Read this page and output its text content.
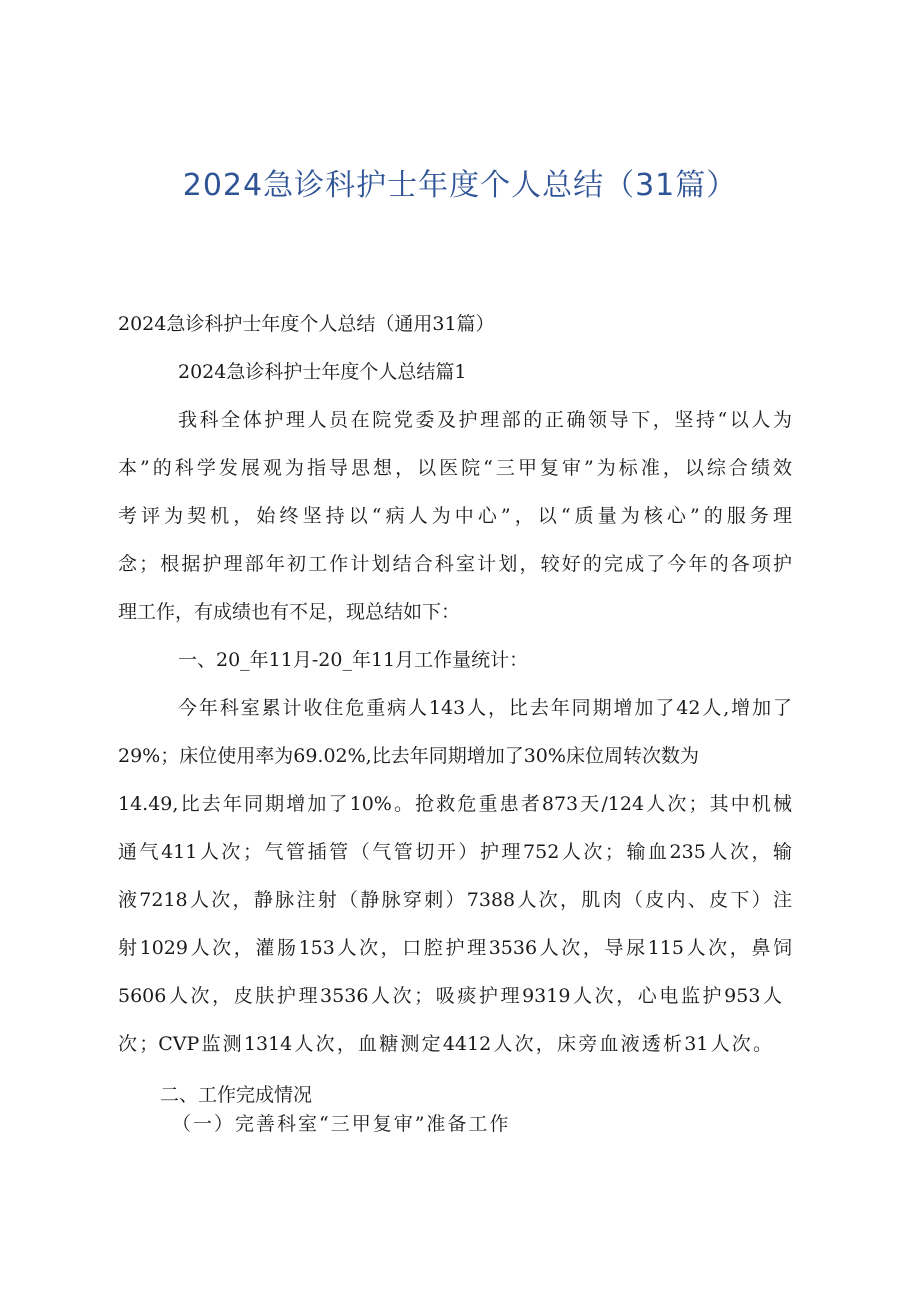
2024急诊科护士年度个人总结（31篇）
2024急诊科护士年度个人总结（通用31篇）
2024急诊科护士年度个人总结篇1
我科全体护理人员在院党委及护理部的正确领导下，坚持“以人为
本”的科学发展观为指导思想，以医院“三甲复审”为标准，以综合绩效
考评为契机，始终坚持以“病人为中心”，以“质量为核心”的服务理
念；根据护理部年初工作计划结合科室计划，较好的完成了今年的各项护
理工作，有成绩也有不足，现总结如下：
一、20_年11月-20_年11月工作量统计：
今年科室累计收住危重病人143人，比去年同期增加了42人,增加了
29%；床位使用率为69.02%,比去年同期增加了30%床位周转次数为
14.49,比去年同期增加了10%。抢救危重患者873天/124人次；其中机械
通气411人次；气管插管（气管切开）护理752人次；输血235人次，输
液7218人次，静脉注射（静脉穿刺）7388人次，肌肉（皮内、皮下）注
射1029人次，灌肠153人次，口腔护理3536人次，导尿115人次，鼻饲
5606人次，皮肤护理3536人次；吸痰护理9319人次，心电监护953人
次；CVP监测1314人次，血糖测定4412人次，床旁血液透析31人次。
二、工作完成情况
（一）完善科室“三甲复审”准备工作
